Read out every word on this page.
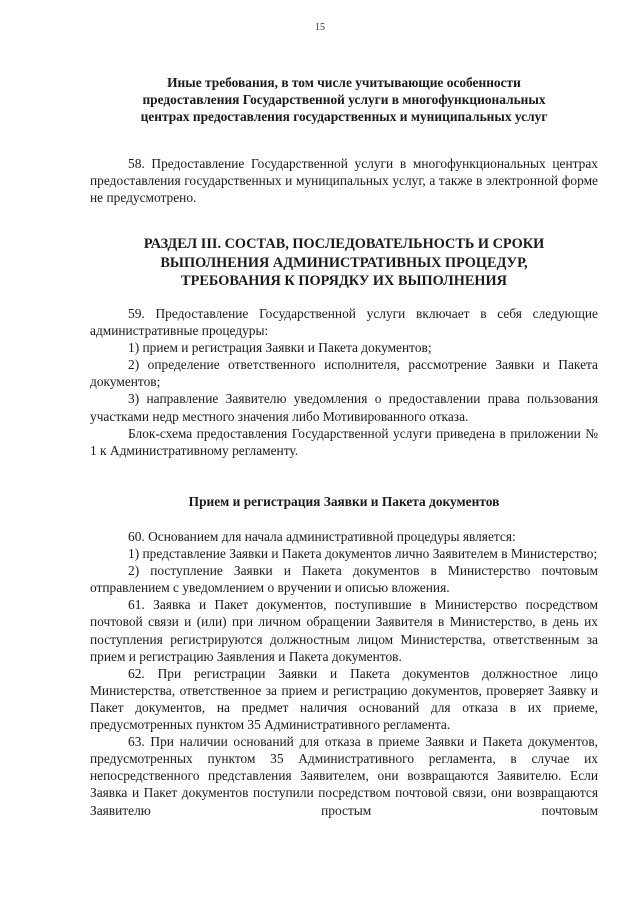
15
Иные требования, в том числе учитывающие особенности
предоставления Государственной услуги в многофункциональных
центрах предоставления государственных и муниципальных услуг

58. Предоставление Государственной услуги в многофункциональных центрах предоставления государственных и муниципальных услуг, а также в электронной форме не предусмотрено.

РАЗДЕЛ III. СОСТАВ, ПОСЛЕДОВАТЕЛЬНОСТЬ И СРОКИ
ВЫПОЛНЕНИЯ АДМИНИСТРАТИВНЫХ ПРОЦЕДУР,
ТРЕБОВАНИЯ К ПОРЯДКУ ИХ ВЫПОЛНЕНИЯ

59. Предоставление Государственной услуги включает в себя следующие административные процедуры:

1) прием и регистрация Заявки и Пакета документов;

2) определение ответственного исполнителя, рассмотрение Заявки и Пакета документов;

3) направление Заявителю уведомления о предоставлении права пользования участками недр местного значения либо Мотивированного отказа.

Блок-схема предоставления Государственной услуги приведена в приложении № 1 к Административному регламенту.

Прием и регистрация Заявки и Пакета документов

60. Основанием для начала административной процедуры является:

1) представление Заявки и Пакета документов лично Заявителем в Министерство;

2) поступление Заявки и Пакета документов в Министерство почтовым отправлением с уведомлением о вручении и описью вложения.

61. Заявка и Пакет документов, поступившие в Министерство посредством почтовой связи и (или) при личном обращении Заявителя в Министерство, в день их поступления регистрируются должностным лицом Министерства, ответственным за прием и регистрацию Заявления и Пакета документов.

62. При регистрации Заявки и Пакета документов должностное лицо Министерства, ответственное за прием и регистрацию документов, проверяет Заявку и Пакет документов, на предмет наличия оснований для отказа в их приеме, предусмотренных пунктом 35 Административного регламента.

63. При наличии оснований для отказа в приеме Заявки и Пакета документов, предусмотренных пунктом 35 Административного регламента, в случае их непосредственного представления Заявителем, они возвращаются Заявителю. Если Заявка и Пакет документов поступили посредством почтовой связи, они возвращаются Заявителю простым почтовым
